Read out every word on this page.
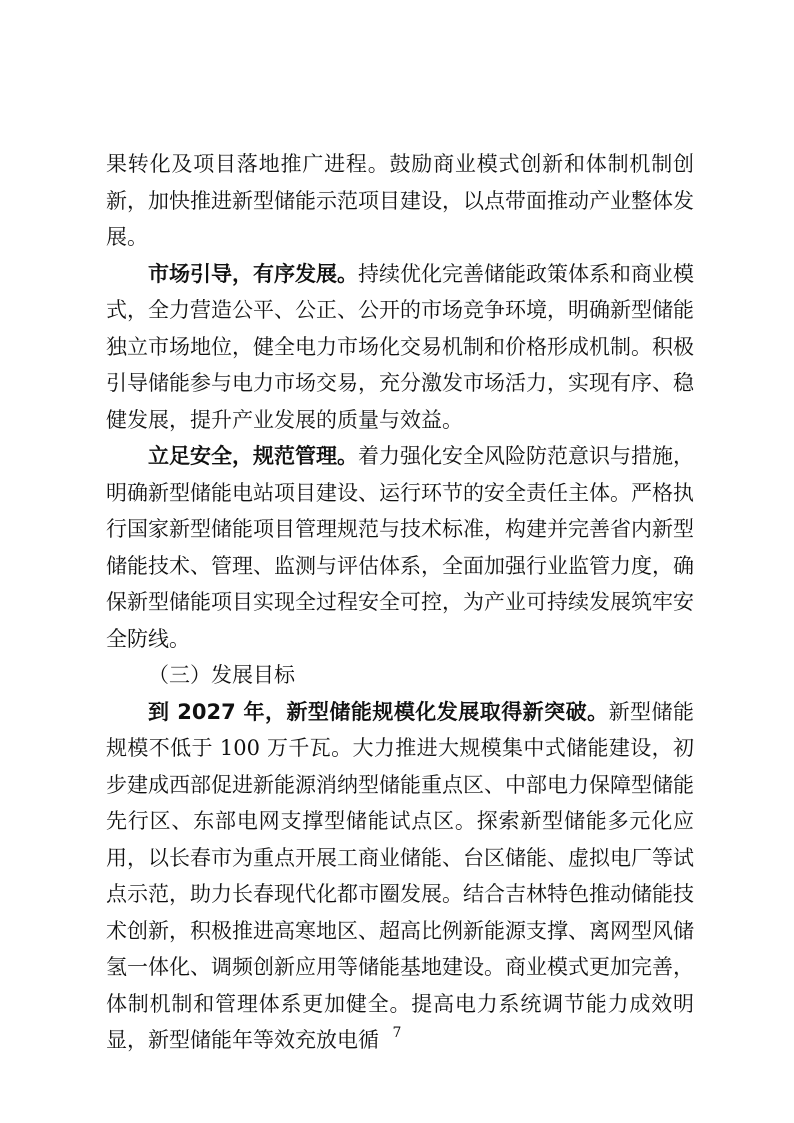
果转化及项目落地推广进程。鼓励商业模式创新和体制机制创新，加快推进新型储能示范项目建设，以点带面推动产业整体发展。

市场引导，有序发展。持续优化完善储能政策体系和商业模式，全力营造公平、公正、公开的市场竞争环境，明确新型储能独立市场地位，健全电力市场化交易机制和价格形成机制。积极引导储能参与电力市场交易，充分激发市场活力，实现有序、稳健发展，提升产业发展的质量与效益。

立足安全，规范管理。着力强化安全风险防范意识与措施，明确新型储能电站项目建设、运行环节的安全责任主体。严格执行国家新型储能项目管理规范与技术标准，构建并完善省内新型储能技术、管理、监测与评估体系，全面加强行业监管力度，确保新型储能项目实现全过程安全可控，为产业可持续发展筑牢安全防线。

（三）发展目标

到 2027 年，新型储能规模化发展取得新突破。新型储能规模不低于 100 万千瓦。大力推进大规模集中式储能建设，初步建成西部促进新能源消纳型储能重点区、中部电力保障型储能先行区、东部电网支撑型储能试点区。探索新型储能多元化应用，以长春市为重点开展工商业储能、台区储能、虚拟电厂等试点示范，助力长春现代化都市圈发展。结合吉林特色推动储能技术创新，积极推进高寒地区、超高比例新能源支撑、离网型风储氢一体化、调频创新应用等储能基地建设。商业模式更加完善，体制机制和管理体系更加健全。提高电力系统调节能力成效明显，新型储能年等效充放电循 7
